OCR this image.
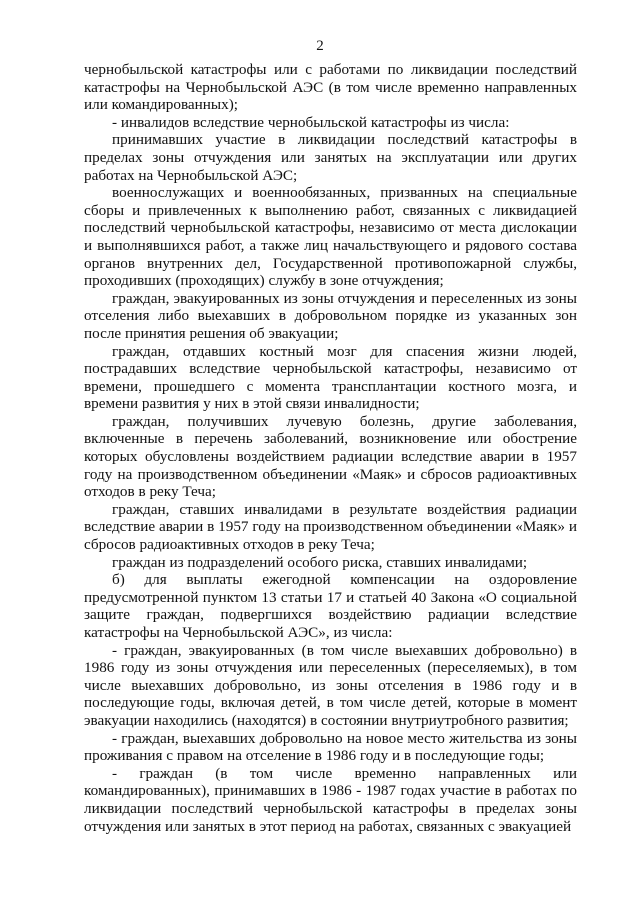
2

чернобыльской катастрофы или с работами по ликвидации последствий катастрофы на Чернобыльской АЭС (в том числе временно направленных или командированных);

- инвалидов вследствие чернобыльской катастрофы из числа:

принимавших участие в ликвидации последствий катастрофы в пределах зоны отчуждения или занятых на эксплуатации или других работах на Чернобыльской АЭС;

военнослужащих и военнообязанных, призванных на специальные сборы и привлеченных к выполнению работ, связанных с ликвидацией последствий чернобыльской катастрофы, независимо от места дислокации и выполнявшихся работ, а также лиц начальствующего и рядового состава органов внутренних дел, Государственной противопожарной службы, проходивших (проходящих) службу в зоне отчуждения;

граждан, эвакуированных из зоны отчуждения и переселенных из зоны отселения либо выехавших в добровольном порядке из указанных зон после принятия решения об эвакуации;

граждан, отдавших костный мозг для спасения жизни людей, пострадавших вследствие чернобыльской катастрофы, независимо от времени, прошедшего с момента трансплантации костного мозга, и времени развития у них в этой связи инвалидности;

граждан, получивших лучевую болезнь, другие заболевания, включенные в перечень заболеваний, возникновение или обострение которых обусловлены воздействием радиации вследствие аварии в 1957 году на производственном объединении «Маяк» и сбросов радиоактивных отходов в реку Теча;

граждан, ставших инвалидами в результате воздействия радиации вследствие аварии в 1957 году на производственном объединении «Маяк» и сбросов радиоактивных отходов в реку Теча;

граждан из подразделений особого риска, ставших инвалидами;

б) для выплаты ежегодной компенсации на оздоровление предусмотренной пунктом 13 статьи 17 и статьей 40 Закона «О социальной защите граждан, подвергшихся воздействию радиации вследствие катастрофы на Чернобыльской АЭС», из числа:

- граждан, эвакуированных (в том числе выехавших добровольно) в 1986 году из зоны отчуждения или переселенных (переселяемых), в том числе выехавших добровольно, из зоны отселения в 1986 году и в последующие годы, включая детей, в том числе детей, которые в момент эвакуации находились (находятся) в состоянии внутриутробного развития;

- граждан, выехавших добровольно на новое место жительства из зоны проживания с правом на отселение в 1986 году и в последующие годы;

- граждан (в том числе временно направленных или командированных), принимавших в 1986 - 1987 годах участие в работах по ликвидации последствий чернобыльской катастрофы в пределах зоны отчуждения или занятых в этот период на работах, связанных с эвакуацией
